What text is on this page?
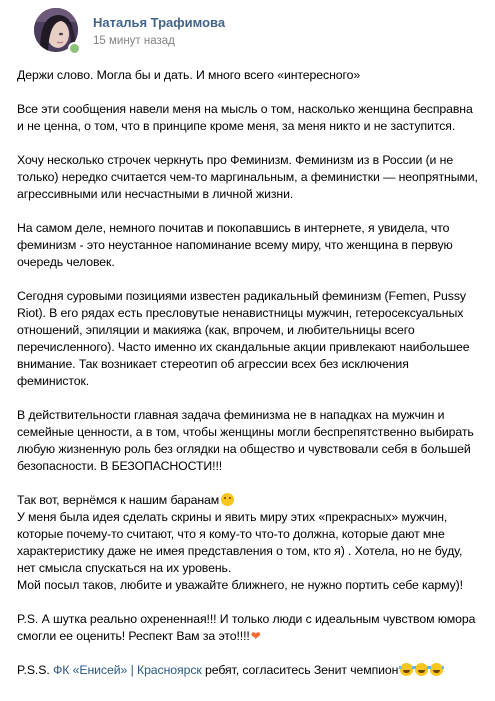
Наталья Трафимова
15 минут назад

Держи слово. Могла бы и дать. И много всего «интересного»

Все эти сообщения навели меня на мысль о том, насколько женщина бесправна и не ценна, о том, что в принципе кроме меня, за меня никто и не заступится.

Хочу несколько строчек черкнуть про Феминизм. Феминизм из в России (и не только) нередко считается чем-то маргинальным, а феминистки — неопрятными, агрессивными или несчастными в личной жизни.

На самом деле, немного почитав и покопавшись в интернете, я увидела, что феминизм - это неустанное напоминание всему миру, что женщина в первую очередь человек.

Сегодня суровыми позициями известен радикальный феминизм (Femen, Pussy Riot). В его рядах есть пресловутые ненавистницы мужчин, гетеросексуальных отношений, эпиляции и макияжа (как, впрочем, и любительницы всего перечисленного). Часто именно их скандальные акции привлекают наибольшее внимание. Так возникает стереотип об агрессии всех без исключения феминисток.

В действительности главная задача феминизма не в нападках на мужчин и семейные ценности, а в том, чтобы женщины могли беспрепятственно выбирать любую жизненную роль без оглядки на общество и чувствовали себя в большей безопасности. В БЕЗОПАСНОСТИ!!!

Так вот, вернёмся к нашим баранам
У меня была идея сделать скрины и явить миру этих «прекрасных» мужчин, которые почему-то считают, что я кому-то что-то должна, которые дают мне характеристику даже не имея представления о том, кто я) . Хотела, но не буду, нет смысла спускаться на их уровень.
Мой посыл таков, любите и уважайте ближнего, не нужно портить себе карму)!

P.S. А шутка реально охрененная!!! И только люди с идеальным чувством юмора смогли ее оценить! Респект Вам за это!!!!❤

P.S.S. ФК «Енисей» | Красноярск ребят, согласитесь Зенит чемпион
